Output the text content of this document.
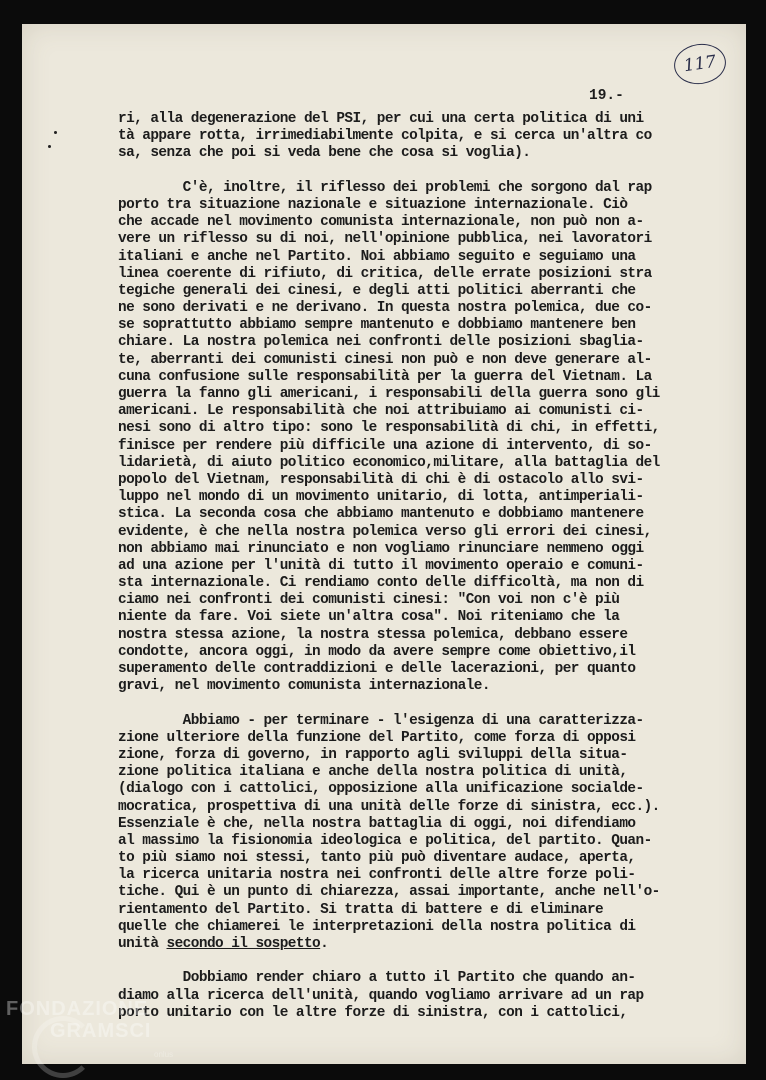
117
19.-
ri, alla degenerazione del PSI, per cui una certa politica di uni
tà appare rotta, irrimediabilmente colpita, e si cerca un'altra co
sa, senza che poi si veda bene che cosa si voglia).
C'è, inoltre, il riflesso dei problemi che sorgono dal rap
porto tra situazione nazionale e situazione internazionale. Ciò
che accade nel movimento comunista internazionale, non può non a-
vere un riflesso su di noi, nell'opinione pubblica, nei lavoratori
italiani e anche nel Partito. Noi abbiamo seguito e seguiamo una
linea coerente di rifiuto, di critica, delle errate posizioni stra
tegiche generali dei cinesi, e degli atti politici aberranti che
ne sono derivati e ne derivano. In questa nostra polemica, due co-
se soprattutto abbiamo sempre mantenuto e dobbiamo mantenere ben
chiare. La nostra polemica nei confronti delle posizioni sbaglia-
te, aberranti dei comunisti cinesi non può e non deve generare al-
cuna confusione sulle responsabilità per la guerra del Vietnam. La
guerra la fanno gli americani, i responsabili della guerra sono gli
americani. Le responsabilità che noi attribuiamo ai comunisti ci-
nesi sono di altro tipo: sono le responsabilità di chi, in effetti,
finisce per rendere più difficile una azione di intervento, di so-
lidarietà, di aiuto politico economico,militare, alla battaglia del
popolo del Vietnam, responsabilità di chi è di ostacolo allo svi-
luppo nel mondo di un movimento unitario, di lotta, antimperiali-
stica. La seconda cosa che abbiamo mantenuto e dobbiamo mantenere
evidente, è che nella nostra polemica verso gli errori dei cinesi,
non abbiamo mai rinunciato e non vogliamo rinunciare nemmeno oggi
ad una azione per l'unità di tutto il movimento operaio e comuni-
sta internazionale. Ci rendiamo conto delle difficoltà, ma non di
ciamo nei confronti dei comunisti cinesi: "Con voi non c'è più
niente da fare. Voi siete un'altra cosa". Noi riteniamo che la
nostra stessa azione, la nostra stessa polemica, debbano essere
condotte, ancora oggi, in modo da avere sempre come obiettivo,il
superamento delle contraddizioni e delle lacerazioni, per quanto
gravi, nel movimento comunista internazionale.
Abbiamo - per terminare - l'esigenza di una caratterizza-
zione ulteriore della funzione del Partito, come forza di opposi
zione, forza di governo, in rapporto agli sviluppi della situa-
zione politica italiana e anche della nostra politica di unità,
(dialogo con i cattolici, opposizione alla unificazione socialde-
mocratica, prospettiva di una unità delle forze di sinistra, ecc.).
Essenziale è che, nella nostra battaglia di oggi, noi difendiamo
al massimo la fisionomia ideologica e politica, del partito. Quan-
to più siamo noi stessi, tanto più può diventare audace, aperta,
la ricerca unitaria nostra nei confronti delle altre forze poli-
tiche. Qui è un punto di chiarezza, assai importante, anche nell'o-
rientamento del Partito. Si tratta di battere e di eliminare
quelle che chiamerei le interpretazioni della nostra politica di
unità secondo il sospetto.
Dobbiamo render chiaro a tutto il Partito che quando an-
diamo alla ricerca dell'unità, quando vogliamo arrivare ad un rap
porto unitario con le altre forze di sinistra, con i cattolici,
FONDAZIONE
GRAMSCI
onlus
